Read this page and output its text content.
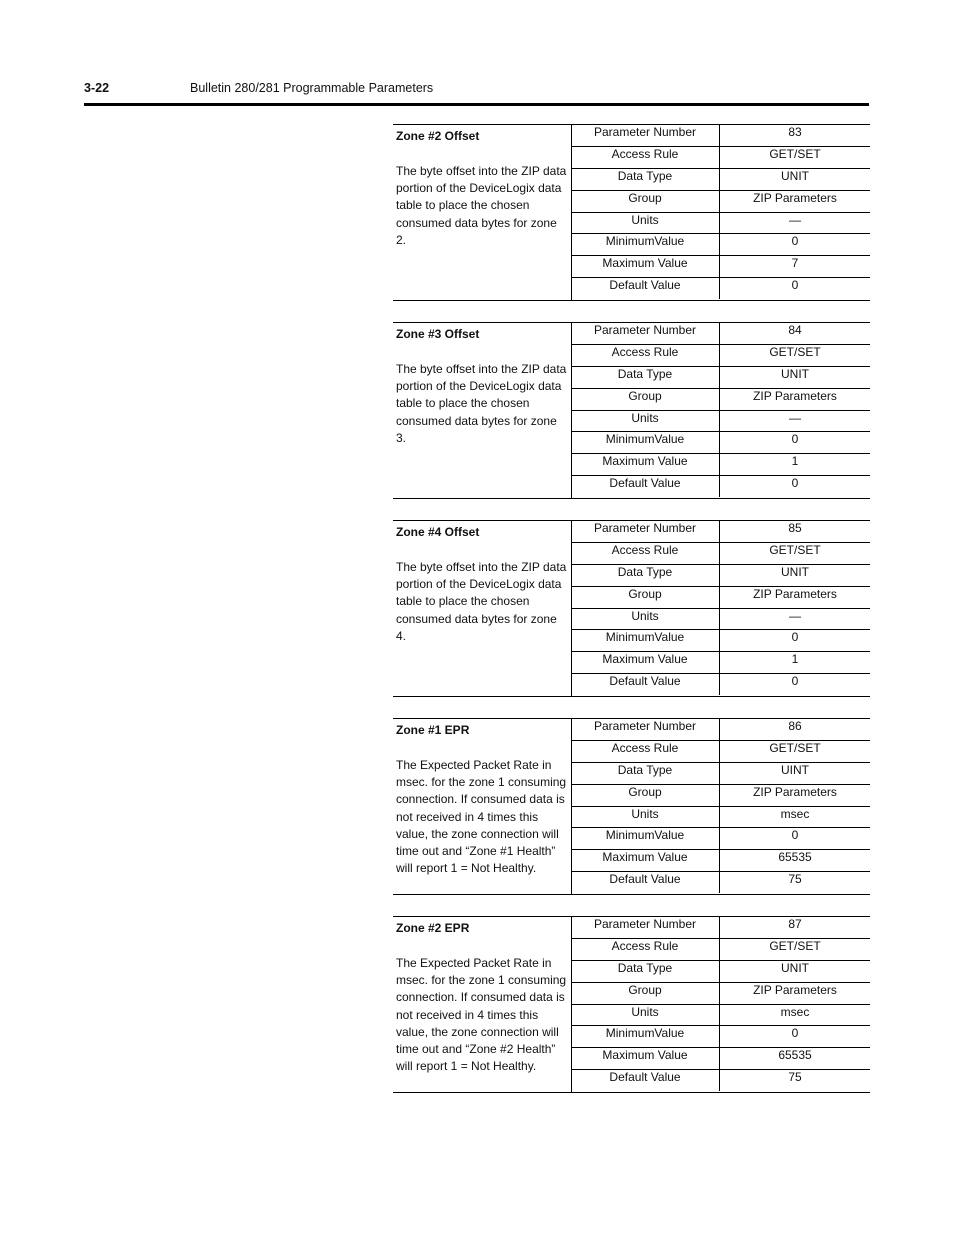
3-22	Bulletin 280/281 Programmable Parameters
Zone #2 Offset
The byte offset into the ZIP data
portion of the DeviceLogix data
table to place the chosen
consumed data bytes for zone 2.
Parameter Number	83
Access Rule	GET/SET
Data Type	UNIT
Group	ZIP Parameters
Units	—
MinimumValue	0
Maximum Value	7
Default Value	0
Zone #3 Offset
The byte offset into the ZIP data
portion of the DeviceLogix data
table to place the chosen
consumed data bytes for zone 3.
Parameter Number	84
Access Rule	GET/SET
Data Type	UNIT
Group	ZIP Parameters
Units	—
MinimumValue	0
Maximum Value	1
Default Value	0
Zone #4 Offset
The byte offset into the ZIP data
portion of the DeviceLogix data
table to place the chosen
consumed data bytes for zone 4.
Parameter Number	85
Access Rule	GET/SET
Data Type	UNIT
Group	ZIP Parameters
Units	—
MinimumValue	0
Maximum Value	1
Default Value	0
Zone #1 EPR
The Expected Packet Rate in
msec. for the zone 1 consuming
connection. If consumed data is
not received in 4 times this
value, the zone connection will
time out and “Zone #1 Health”
will report 1 = Not Healthy.
Parameter Number	86
Access Rule	GET/SET
Data Type	UINT
Group	ZIP Parameters
Units	msec
MinimumValue	0
Maximum Value	65535
Default Value	75
Zone #2 EPR
The Expected Packet Rate in
msec. for the zone 1 consuming
connection. If consumed data is
not received in 4 times this
value, the zone connection will
time out and “Zone #2 Health”
will report 1 = Not Healthy.
Parameter Number	87
Access Rule	GET/SET
Data Type	UNIT
Group	ZIP Parameters
Units	msec
MinimumValue	0
Maximum Value	65535
Default Value	75
